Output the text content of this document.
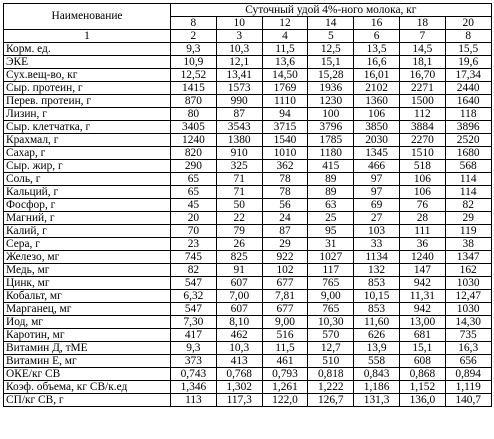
Наименование	Суточный удой 4%-ного молока, кг						
	8	10	12	14	16	18	20
1	2	3	4	5	6	7	8
Корм. ед.	9,3	10,3	11,5	12,5	13,5	14,5	15,5
ЭКЕ	10,9	12,1	13,6	15,1	16,6	18,1	19,6
Сух.вещ-во, кг	12,52	13,41	14,50	15,28	16,01	16,70	17,34
Сыр. протеин, г	1415	1573	1769	1936	2102	2271	2440
Перев. протеин, г	870	990	1110	1230	1360	1500	1640
Лизин, г	80	87	94	100	106	112	118
Сыр. клетчатка, г	3405	3543	3715	3796	3850	3884	3896
Крахмал, г	1240	1380	1540	1785	2030	2270	2520
Сахар, г	820	910	1010	1180	1345	1510	1680
Сыр. жир, г	290	325	362	415	466	518	568
Соль, г	65	71	78	89	97	106	114
Кальций, г	65	71	78	89	97	106	114
Фосфор, г	45	50	56	63	69	76	82
Магний, г	20	22	24	25	27	28	29
Калий, г	70	79	87	95	103	111	119
Сера, г	23	26	29	31	33	36	38
Железо, мг	745	825	922	1027	1134	1240	1347
Медь, мг	82	91	102	117	132	147	162
Цинк, мг	547	607	677	765	853	942	1030
Кобальт, мг	6,32	7,00	7,81	9,00	10,15	11,31	12,47
Марганец, мг	547	607	677	765	853	942	1030
Иод, мг	7,30	8,10	9,00	10,30	11,60	13,00	14,30
Каротин, мг	417	462	516	570	626	681	735
Витамин Д, тМЕ	9,3	10,3	11,5	12,7	13,9	15,1	16,3
Витамин Е, мг	373	413	461	510	558	608	656
ОКЕ/кг СВ	0,743	0,768	0,793	0,818	0,843	0,868	0,894
Коэф. объема, кг СВ/к.ед	1,346	1,302	1,261	1,222	1,186	1,152	1,119
СП/кг СВ, г	113	117,3	122,0	126,7	131,3	136,0	140,7
